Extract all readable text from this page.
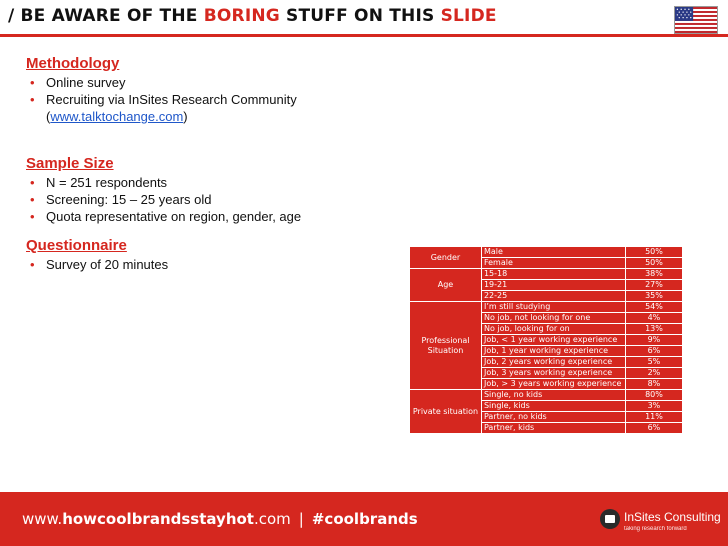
/ BE AWARE OF THE BORING STUFF ON THIS SLIDE
Methodology
• Online survey
• Recruiting via InSites Research Community
(www.talktochange.com)
Sample Size
• N = 251 respondents
• Screening: 15 – 25 years old
• Quota representative on region, gender, age
Questionnaire
• Survey of 20 minutes	Gender	Male	50%
	Female	50%
Age	15-18	38%
	19-21	27%
	22-25	35%
Professional Situation	I’m still studying	54%
	No job, not looking for one	4%
	No job, looking for on	13%
	Job, < 1 year working experience	9%
	Job, 1 year working experience	6%
	Job, 2 years working experience	5%
	Job, 3 years working experience	2%
	Job, > 3 years working experience	8%
Private situation	Single, no kids	80%
	Single, kids	3%
	Partner, no kids	11%
	Partner, kids	6%
www.howcoolbrandsstayhot.com | #coolbrands	InSites Consulting
taking research forward
